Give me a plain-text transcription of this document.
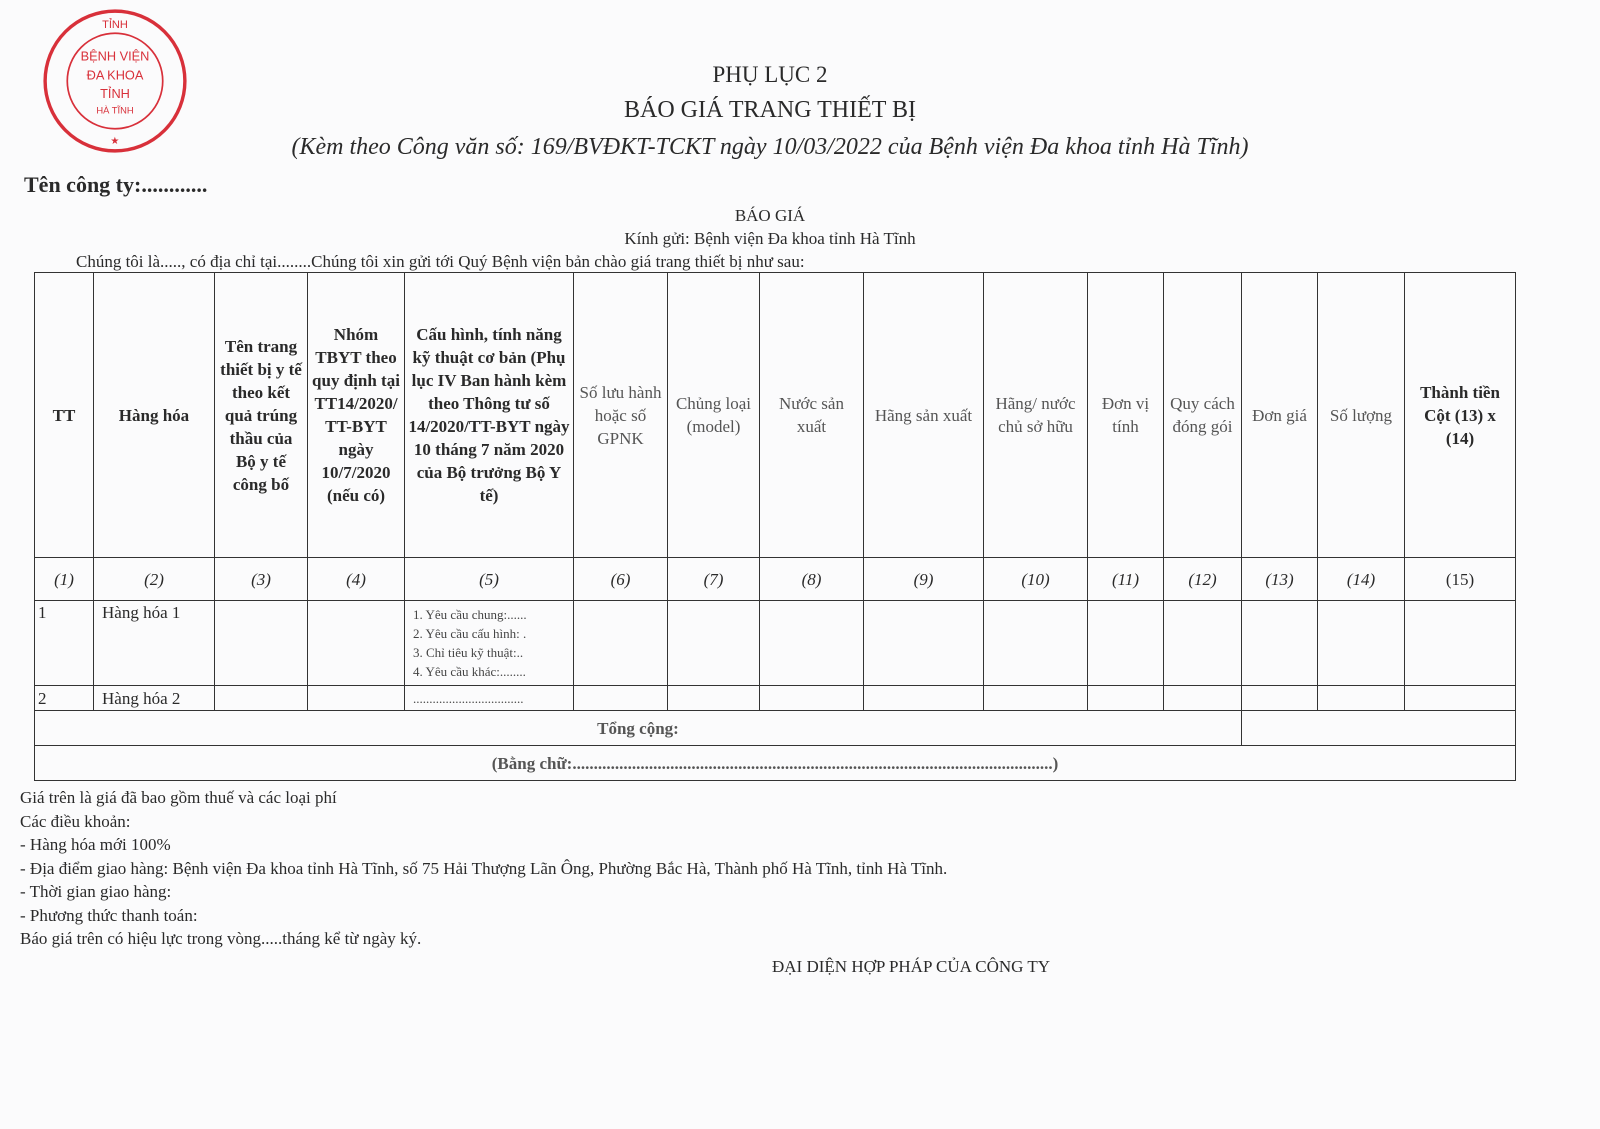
TỈNH
BỆNH VIỆN
ĐA KHOA
TỈNH
HÀ TĨNH
★
PHỤ LỤC 2
BÁO GIÁ TRANG THIẾT BỊ
(Kèm theo Công văn số: 169/BVĐKT-TCKT ngày 10/03/2022 của Bệnh viện Đa khoa tỉnh Hà Tĩnh)
Tên công ty:............
BÁO GIÁ
Kính gửi: Bệnh viện Đa khoa tỉnh Hà Tĩnh
Chúng tôi là....., có địa chỉ tại........Chúng tôi xin gửi tới Quý Bệnh viện bản chào giá trang thiết bị như sau:
TT	Hàng hóa	Tên trang thiết bị y tế theo kết quả trúng thầu của Bộ y tế công bố	Nhóm TBYT theo quy định tại TT14/2020/TT-BYT ngày 10/7/2020 (nếu có)	Cấu hình, tính năng kỹ thuật cơ bản (Phụ lục IV Ban hành kèm theo Thông tư số 14/2020/TT-BYT ngày 10 tháng 7 năm 2020 của Bộ trưởng Bộ Y tế)	Số lưu hành hoặc số GPNK	Chủng loại (model)	Nước sản xuất	Hãng sản xuất	Hãng/ nước chủ sở hữu	Đơn vị tính	Quy cách đóng gói	Đơn giá	Số lượng	Thành tiền Cột (13) x (14)
(1)	(2)	(3)	(4)	(5)	(6)	(7)	(8)	(9)	(10)	(11)	(12)	(13)	(14)	(15)
1	Hàng hóa 1			1. Yêu cầu chung:......
2. Yêu cầu cấu hình: .
3. Chỉ tiêu kỹ thuật:..
4. Yêu cầu khác:........										

2	Hàng hóa 2			..................................										
Tổng cộng:														
(Bằng chữ:.................................................................................................................)														
Giá trên là giá đã bao gồm thuế và các loại phí
Các điều khoản:
- Hàng hóa mới 100%
- Địa điểm giao hàng: Bệnh viện Đa khoa tỉnh Hà Tĩnh, số 75 Hải Thượng Lãn Ông, Phường Bắc Hà, Thành phố Hà Tĩnh, tỉnh Hà Tĩnh.
- Thời gian giao hàng:
- Phương thức thanh toán:
Báo giá trên có hiệu lực trong vòng.....tháng kể từ ngày ký.
ĐẠI DIỆN HỢP PHÁP CỦA CÔNG TY
